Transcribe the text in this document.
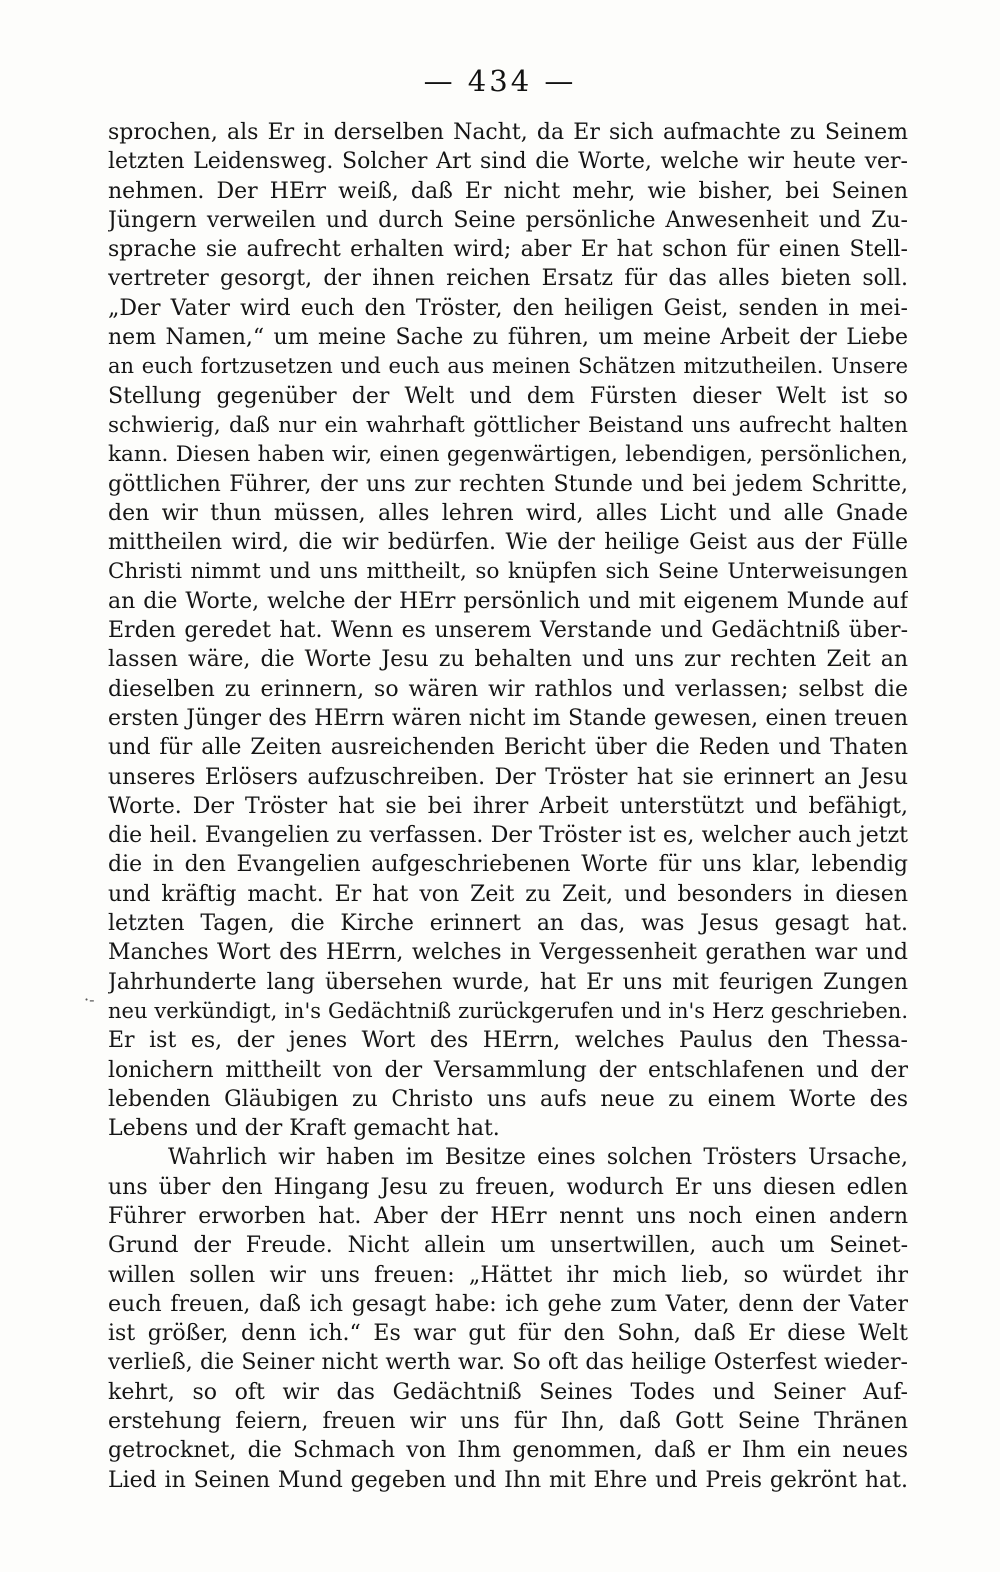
— 434 —

sprochen, als Er in derselben Nacht, da Er sich aufmachte zu Seinem
letzten Leidensweg. Solcher Art sind die Worte, welche wir heute ver-
nehmen. Der HErr weiß, daß Er nicht mehr, wie bisher, bei Seinen
Jüngern verweilen und durch Seine persönliche Anwesenheit und Zu-
sprache sie aufrecht erhalten wird; aber Er hat schon für einen Stell-
vertreter gesorgt, der ihnen reichen Ersatz für das alles bieten soll.
„Der Vater wird euch den Tröster, den heiligen Geist, senden in mei-
nem Namen,“ um meine Sache zu führen, um meine Arbeit der Liebe
an euch fortzusetzen und euch aus meinen Schätzen mitzutheilen. Unsere
Stellung gegenüber der Welt und dem Fürsten dieser Welt ist so
schwierig, daß nur ein wahrhaft göttlicher Beistand uns aufrecht halten
kann. Diesen haben wir, einen gegenwärtigen, lebendigen, persönlichen,
göttlichen Führer, der uns zur rechten Stunde und bei jedem Schritte,
den wir thun müssen, alles lehren wird, alles Licht und alle Gnade
mittheilen wird, die wir bedürfen. Wie der heilige Geist aus der Fülle
Christi nimmt und uns mittheilt, so knüpfen sich Seine Unterweisungen
an die Worte, welche der HErr persönlich und mit eigenem Munde auf
Erden geredet hat. Wenn es unserem Verstande und Gedächtniß über-
lassen wäre, die Worte Jesu zu behalten und uns zur rechten Zeit an
dieselben zu erinnern, so wären wir rathlos und verlassen; selbst die
ersten Jünger des HErrn wären nicht im Stande gewesen, einen treuen
und für alle Zeiten ausreichenden Bericht über die Reden und Thaten
unseres Erlösers aufzuschreiben. Der Tröster hat sie erinnert an Jesu
Worte. Der Tröster hat sie bei ihrer Arbeit unterstützt und befähigt,
die heil. Evangelien zu verfassen. Der Tröster ist es, welcher auch jetzt
die in den Evangelien aufgeschriebenen Worte für uns klar, lebendig
und kräftig macht. Er hat von Zeit zu Zeit, und besonders in diesen
letzten Tagen, die Kirche erinnert an das, was Jesus gesagt hat.
Manches Wort des HErrn, welches in Vergessenheit gerathen war und
Jahrhunderte lang übersehen wurde, hat Er uns mit feurigen Zungen
neu verkündigt, in's Gedächtniß zurückgerufen und in's Herz geschrieben.
Er ist es, der jenes Wort des HErrn, welches Paulus den Thessa-
lonichern mittheilt von der Versammlung der entschlafenen und der
lebenden Gläubigen zu Christo uns aufs neue zu einem Worte des
Lebens und der Kraft gemacht hat.
Wahrlich wir haben im Besitze eines solchen Trösters Ursache,
uns über den Hingang Jesu zu freuen, wodurch Er uns diesen edlen
Führer erworben hat. Aber der HErr nennt uns noch einen andern
Grund der Freude. Nicht allein um unsertwillen, auch um Seinet-
willen sollen wir uns freuen: „Hättet ihr mich lieb, so würdet ihr
euch freuen, daß ich gesagt habe: ich gehe zum Vater, denn der Vater
ist größer, denn ich.“ Es war gut für den Sohn, daß Er diese Welt
verließ, die Seiner nicht werth war. So oft das heilige Osterfest wieder-
kehrt, so oft wir das Gedächtniß Seines Todes und Seiner Auf-
erstehung feiern, freuen wir uns für Ihn, daß Gott Seine Thränen
getrocknet, die Schmach von Ihm genommen, daß er Ihm ein neues
Lied in Seinen Mund gegeben und Ihn mit Ehre und Preis gekrönt hat.
·-
